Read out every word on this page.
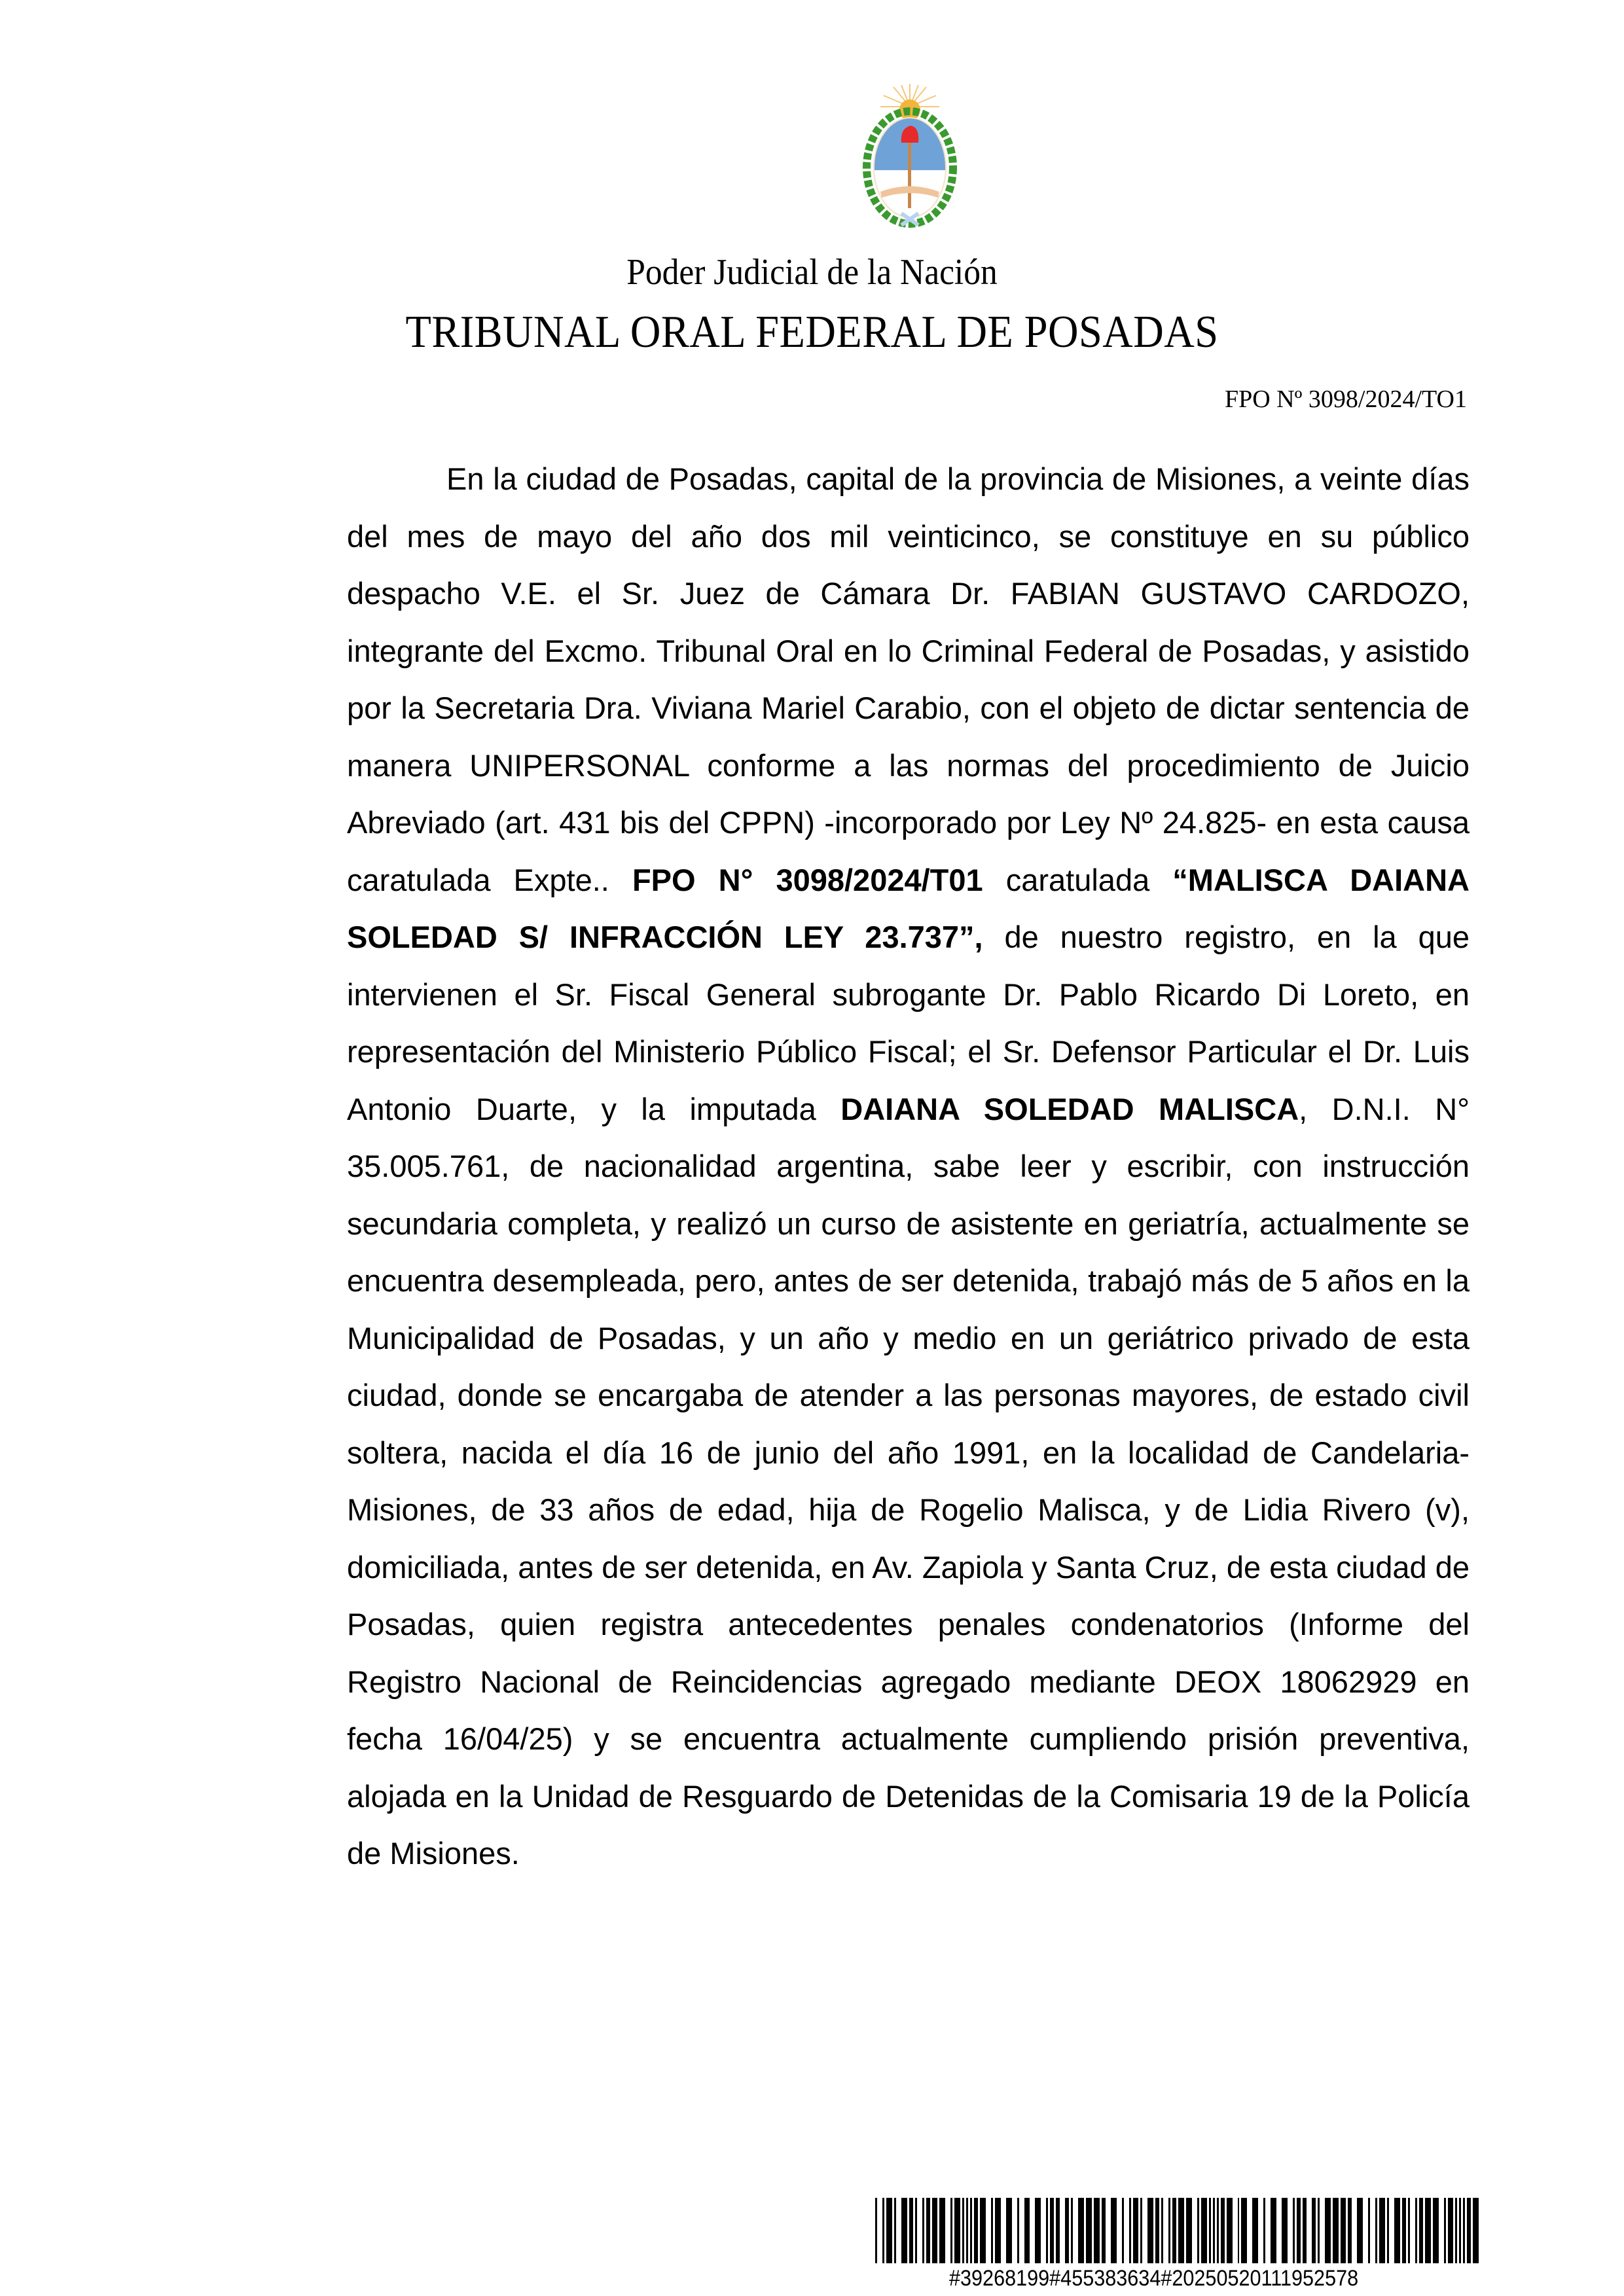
Poder Judicial de la Nación
TRIBUNAL ORAL FEDERAL DE POSADAS
FPO Nº 3098/2024/TO1
En la ciudad de Posadas, capital de la provincia de Misiones, a veinte días del mes de mayo del año dos mil veinticinco, se constituye en su público despacho V.E. el Sr. Juez de Cámara Dr. FABIAN GUSTAVO CARDOZO, integrante del Excmo. Tribunal Oral en lo Criminal Federal de Posadas, y asistido por la Secretaria Dra. Viviana Mariel Carabio, con el objeto de dictar sentencia de manera UNIPERSONAL conforme a las normas del procedimiento de Juicio Abreviado (art. 431 bis del CPPN) -incorporado por Ley Nº 24.825- en esta causa caratulada Expte.. FPO N° 3098/2024/T01 caratulada “MALISCA DAIANA SOLEDAD S/ INFRACCIÓN LEY 23.737”, de nuestro registro, en la que intervienen el Sr. Fiscal General subrogante Dr. Pablo Ricardo Di Loreto, en representación del Ministerio Público Fiscal; el Sr. Defensor Particular el Dr. Luis Antonio Duarte, y la imputada DAIANA SOLEDAD MALISCA, D.N.I. N° 35.005.761, de nacionalidad argentina, sabe leer y escribir, con instrucción secundaria completa, y realizó un curso de asistente en geriatría, actualmente se encuentra desempleada, pero, antes de ser detenida, trabajó más de 5 años en la Municipalidad de Posadas, y un año y medio en un geriátrico privado de esta ciudad, donde se encargaba de atender a las personas mayores, de estado civil soltera, nacida el día 16 de junio del año 1991, en la localidad de Candelaria-Misiones, de 33 años de edad, hija de Rogelio Malisca, y de Lidia Rivero (v), domiciliada, antes de ser detenida, en Av. Zapiola y Santa Cruz, de esta ciudad de Posadas, quien registra antecedentes penales condenatorios (Informe del Registro Nacional de Reincidencias agregado mediante DEOX 18062929 en fecha 16/04/25) y se encuentra actualmente cumpliendo prisión preventiva, alojada en la Unidad de Resguardo de Detenidas de la Comisaria 19 de la Policía de Misiones.
#39268199#455383634#20250520111952578
